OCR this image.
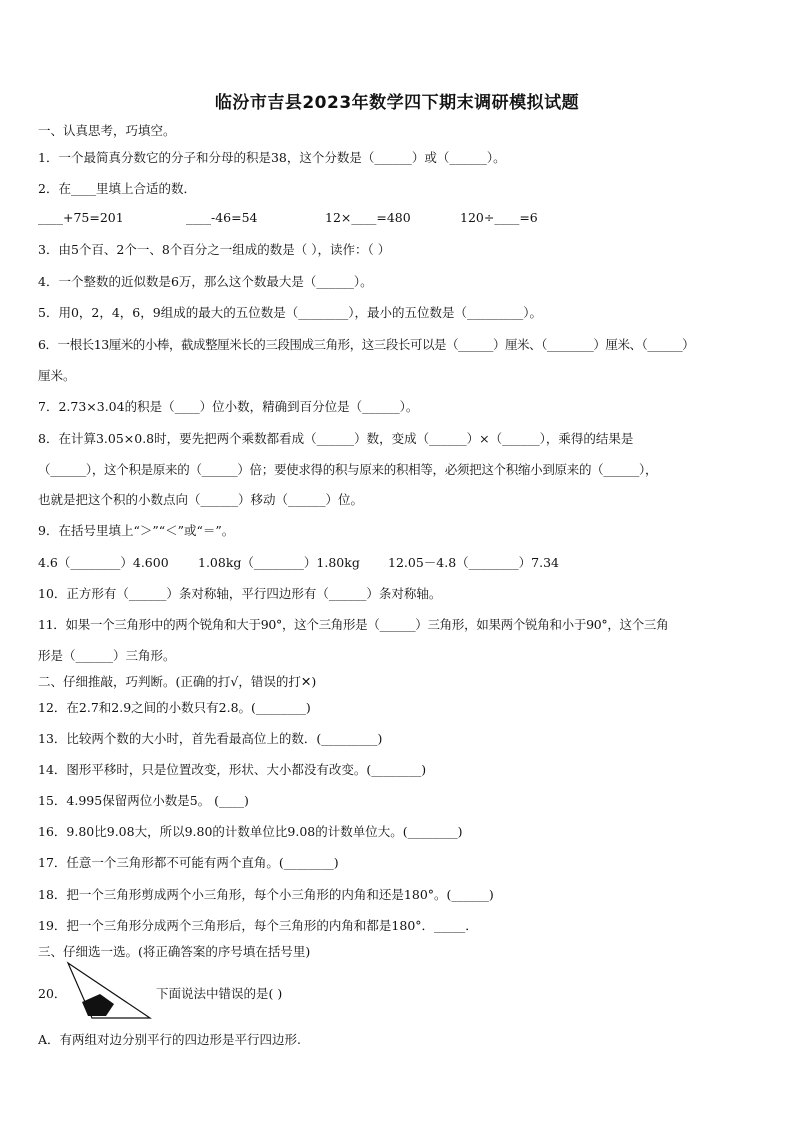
临汾市吉县2023年数学四下期末调研模拟试题
一、认真思考，巧填空。
1．一个最简真分数它的分子和分母的积是38，这个分数是（______）或（______）。
2．在____里填上合适的数．
____+75=201	____-46=54	12×____=480	120÷____=6
3．由5个百、2个一、8个百分之一组成的数是（ ），读作：（ ）
4．一个整数的近似数是6万，那么这个数最大是（______）。
5．用0，2，4，6，9组成的最大的五位数是（________），最小的五位数是（_________）。
6．一根长13厘米的小棒，截成整厘米长的三段围成三角形，这三段长可以是（______）厘米、（________）厘米、（______）
厘米。
7．2.73×3.04的积是（____）位小数，精确到百分位是（______）。
8．在计算3.05×0.8时，要先把两个乘数都看成（______）数，变成（______）×（______），乘得的结果是
（______），这个积是原来的（______）倍；要使求得的积与原来的积相等，必须把这个积缩小到原来的（______），
也就是把这个积的小数点向（______）移动（______）位。
9．在括号里填上“＞”“＜”或“＝”。
4.6（________）4.600 1.08kg（________）1.80kg 12.05－4.8（________）7.34
10．正方形有（______）条对称轴，平行四边形有（______）条对称轴。
11．如果一个三角形中的两个锐角和大于90°，这个三角形是（______）三角形，如果两个锐角和小于90°，这个三角
形是（______）三角形。
二、仔细推敲，巧判断。(正确的打√，错误的打✕)
12．在2.7和2.9之间的小数只有2.8。(________)
13．比较两个数的大小时，首先看最高位上的数．(_________)
14．图形平移时，只是位置改变，形状、大小都没有改变。(________)
15．4.995保留两位小数是5。 (____)
16．9.80比9.08大，所以9.80的计数单位比9.08的计数单位大。(________)
17．任意一个三角形都不可能有两个直角。(________)
18．把一个三角形剪成两个小三角形，每个小三角形的内角和还是180°。(______)
19．把一个三角形分成两个三角形后，每个三角形的内角和都是180°．_____．
三、仔细选一选。(将正确答案的序号填在括号里)
20．	下面说法中错误的是( )
A．有两组对边分别平行的四边形是平行四边形.
